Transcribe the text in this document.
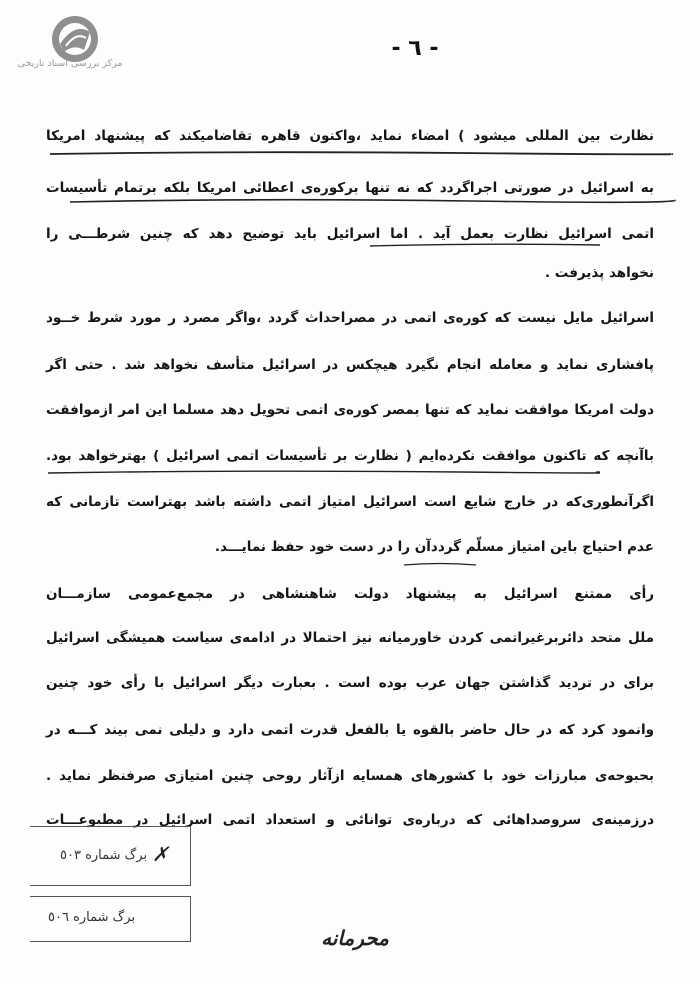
مرکز بررسی اسناد تاریخی
- ٦ -
نظارت بین المللی میشود ) امضاء نماید ،واکنون قاهره تقاضامیکند که پیشنهاد امریکا
به اسرائیل در صورتی اجراگردد که نه تنها برکوره‌ی اعطائی امریکا بلکه برتمام تأسیسات
اتمی اسرائیل نظارت بعمل آید . اما اسرائیل باید توضیح دهد که چنین شرطـــی را
نخواهد پذیرفت .
اسرائیل مایل نیست که کوره‌ی اتمی در مصراحداث گردد ،واگر مصرد ر مورد شرط خــود
پافشاری نماید و معامله انجام نگیرد هیچکس در اسرائیل متأسف نخواهد شد . حتی اگر
دولت امریکا موافقت نماید که تنها بمصر کوره‌ی اتمی تحویل دهد مسلما این امر ازموافقت
باآنچه که تاکنون موافقت نکرده‌ایم ( نظارت بر تأسیسات اتمی اسرائیل ) بهترخواهد بود.
اگرآنطوری‌که در خارج شایع است اسرائیل امتیاز اتمی داشته باشد بهتراست تازمانی که
عدم احتیاج باین امتیاز مسلّم گرددآن را در دست خود حفظ نمایـــد.
رأی ممتنع اسرائیل به پیشنهاد دولت شاهنشاهی در مجمع‌عمومی سازمـــان
ملل متحد دائربرغیراتمی کردن خاورمیانه نیز احتمالا در ادامه‌ی سیاست همیشگی اسرائیل
برای در تردید گذاشتن جهان عرب بوده است . بعبارت دیگر اسرائیل با رأی خود چنین
وانمود کرد که در حال حاضر بالقوه یا بالفعل قدرت اتمی دارد و دلیلی نمی بیند کـــه در
بحبوحه‌ی مبارزات خود با کشورهای همسایه ازآثار روحی چنین امتیازی صرفنظر نماید .
درزمینه‌ی سروصداهائی که درباره‌ی توانائی و استعداد اتمی اسرائیل در مطبوعـــات
برگ شماره ٥٠٣ ✗
برگ شماره ٥٠٦
محرمانه
